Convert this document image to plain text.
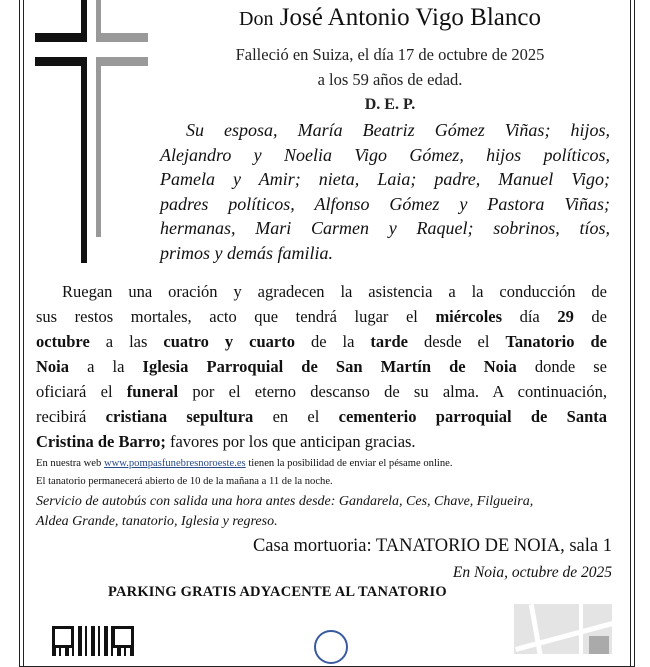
Don José Antonio Vigo Blanco
Falleció en Suiza, el día 17 de octubre de 2025
a los 59 años de edad.
D. E. P.
Su esposa, María Beatriz Gómez Viñas; hijos,
Alejandro y Noelia Vigo Gómez, hijos políticos,
Pamela y Amir; nieta, Laia; padre, Manuel Vigo;
padres políticos, Alfonso Gómez y Pastora Viñas;
hermanas, Mari Carmen y Raquel; sobrinos, tíos,
primos y demás familia.
Ruegan una oración y agradecen la asistencia a la conducción de
sus restos mortales, acto que tendrá lugar el miércoles día 29 de
octubre a las cuatro y cuarto de la tarde desde el Tanatorio de
Noia a la Iglesia Parroquial de San Martín de Noia donde se
oficiará el funeral por el eterno descanso de su alma. A continuación,
recibirá cristiana sepultura en el cementerio parroquial de Santa
Cristina de Barro; favores por los que anticipan gracias.
En nuestra web www.pompasfunebresnoroeste.es tienen la posibilidad de enviar el pésame online.
El tanatorio permanecerá abierto de 10 de la mañana a 11 de la noche.
Servicio de autobús con salida una hora antes desde: Gandarela, Ces, Chave, Filgueira,
Aldea Grande, tanatorio, Iglesia y regreso.
Casa mortuoria: TANATORIO DE NOIA, sala 1
En Noia, octubre de 2025
PARKING GRATIS ADYACENTE AL TANATORIO
